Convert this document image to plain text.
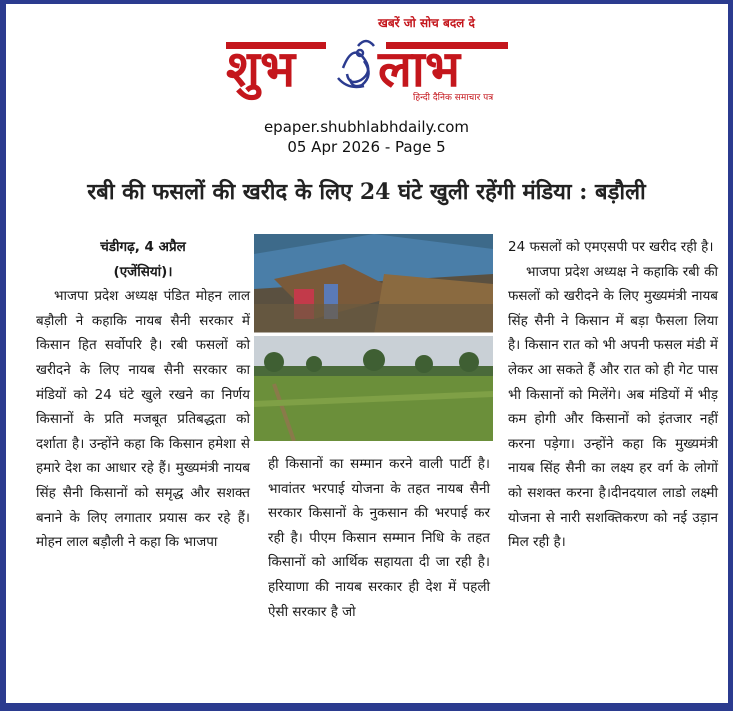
शुभ लाभ
खबरें जो सोच बदल दे
हिन्दी दैनिक समाचार पत्र
epaper.shubhlabhdaily.com
05 Apr 2026 - Page 5
रबी की फसलों की खरीद के लिए 24 घंटे खुली रहेंगी मंडिया : बड़ौली

चंडीगढ़, 4 अप्रैल

(एजेंसियां)।

भाजपा प्रदेश अध्यक्ष पंडित मोहन लाल बड़ौली ने कहाकि नायब सैनी सरकार में किसान हित सर्वोपरि है। रबी फसलों को खरीदने के लिए नायब सैनी सरकार का मंडियों को 24 घंटे खुले रखने का निर्णय किसानों के प्रति मजबूत प्रतिबद्धता को दर्शाता है। उन्होंने कहा कि किसान हमेशा से हमारे देश का आधार रहे हैं। मुख्यमंत्री नायब सिंह सैनी किसानों को समृद्ध और सशक्त बनाने के लिए लगातार प्रयास कर रहे हैं। मोहन लाल बड़ौली ने कहा कि भाजपा

ही किसानों का सम्मान करने वाली पार्टी है। भावांतर भरपाई योजना के तहत नायब सैनी सरकार किसानों के नुकसान की भरपाई कर रही है। पीएम किसान सम्मान निधि के तहत किसानों को आर्थिक सहायता दी जा रही है। हरियाणा की नायब सरकार ही देश में पहली ऐसी सरकार है जो

24 फसलों को एमएसपी पर खरीद रही है।

भाजपा प्रदेश अध्यक्ष ने कहाकि रबी की फसलों को खरीदने के लिए मुख्यमंत्री नायब सिंह सैनी ने किसान में बड़ा फैसला लिया है। किसान रात को भी अपनी फसल मंडी में लेकर आ सकते हैं और रात को ही गेट पास भी किसानों को मिलेंगे। अब मंडियों में भीड़ कम होगी और किसानों को इंतजार नहीं करना पड़ेगा। उन्होंने कहा कि मुख्यमंत्री नायब सिंह सैनी का लक्ष्य हर वर्ग के लोगों को सशक्त करना है।दीनदयाल लाडो लक्ष्मी योजना से नारी सशक्तिकरण को नई उड़ान मिल रही है।
